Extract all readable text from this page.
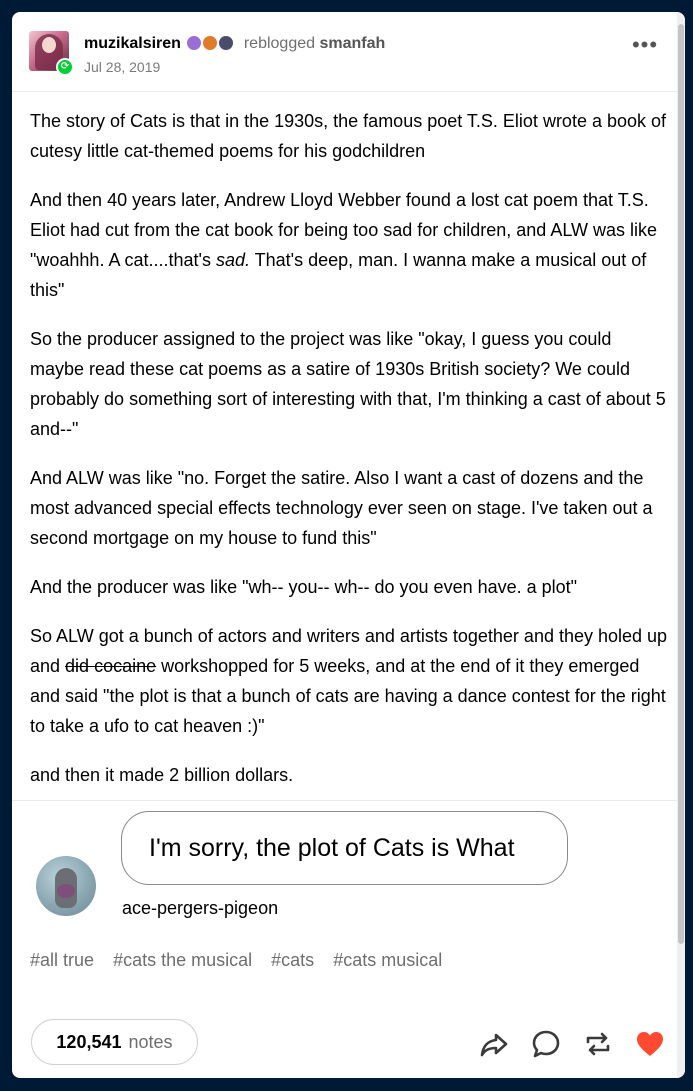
⟳
muzikalsiren	reblogged smanfah
Jul 28, 2019
•••

The story of Cats is that in the 1930s, the famous poet T.S. Eliot wrote a book of cutesy little cat-themed poems for his godchildren

And then 40 years later, Andrew Lloyd Webber found a lost cat poem that T.S. Eliot had cut from the cat book for being too sad for children, and ALW was like "woahhh. A cat....that's sad. That's deep, man. I wanna make a musical out of this"

So the producer assigned to the project was like "okay, I guess you could maybe read these cat poems as a satire of 1930s British society? We could probably do something sort of interesting with that, I'm thinking a cast of about 5 and--"

And ALW was like "no. Forget the satire. Also I want a cast of dozens and the most advanced special effects technology ever seen on stage. I've taken out a second mortgage on my house to fund this"

And the producer was like "wh-- you-- wh-- do you even have. a plot"

So ALW got a bunch of actors and writers and artists together and they holed up and did cocaine workshopped for 5 weeks, and at the end of it they emerged and said "the plot is that a bunch of cats are having a dance contest for the right to take a ufo to cat heaven :)"

and then it made 2 billion dollars.

I'm sorry, the plot of Cats is What
ace-pergers-pigeon
#all true #cats the musical #cats #cats musical
120,541 notes
